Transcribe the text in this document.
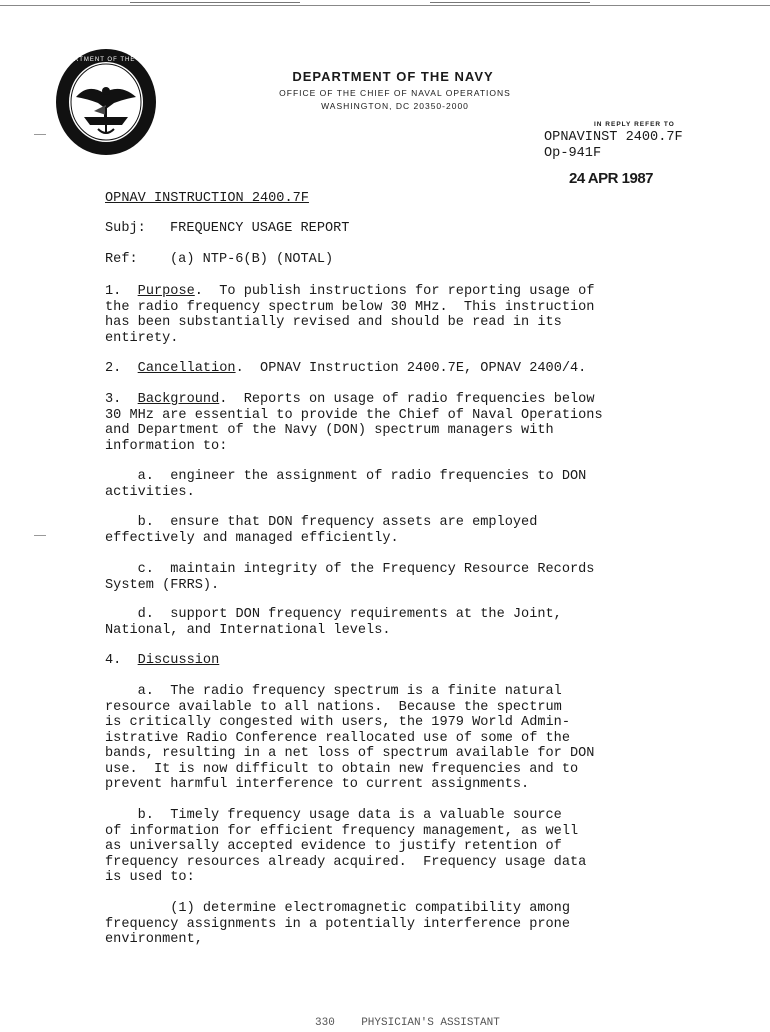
DEPARTMENT OF THE NAVY
DEPARTMENT OF THE NAVY
OFFICE OF THE CHIEF OF NAVAL OPERATIONS
WASHINGTON, DC 20350-2000
IN REPLY REFER TO
OPNAVINST 2400.7F
Op-941F
24 APR 1987
OPNAV INSTRUCTION 2400.7F
Subj: FREQUENCY USAGE REPORT
Ref: (a) NTP-6(B) (NOTAL)
1. Purpose.  To publish instructions for reporting usage of
the radio frequency spectrum below 30 MHz.  This instruction
has been substantially revised and should be read in its
entirety.
2. Cancellation.  OPNAV Instruction 2400.7E, OPNAV 2400/4.
3. Background.  Reports on usage of radio frequencies below
30 MHz are essential to provide the Chief of Naval Operations
and Department of the Navy (DON) spectrum managers with
information to:
a.  engineer the assignment of radio frequencies to DON
activities.
b.  ensure that DON frequency assets are employed
effectively and managed efficiently.
c.  maintain integrity of the Frequency Resource Records
System (FRRS).
d.  support DON frequency requirements at the Joint,
National, and International levels.
4. Discussion
a.  The radio frequency spectrum is a finite natural
resource available to all nations.  Because the spectrum
is critically congested with users, the 1979 World Admin-
istrative Radio Conference reallocated use of some of the
bands, resulting in a net loss of spectrum available for DON
use.  It is now difficult to obtain new frequencies and to
prevent harmful interference to current assignments.
b.  Timely frequency usage data is a valuable source
of information for efficient frequency management, as well
as universally accepted evidence to justify retention of
frequency resources already acquired.  Frequency usage data
is used to:
(1) determine electromagnetic compatibility among
frequency assignments in a potentially interference prone
environment,
330    PHYSICIAN'S ASSISTANT
